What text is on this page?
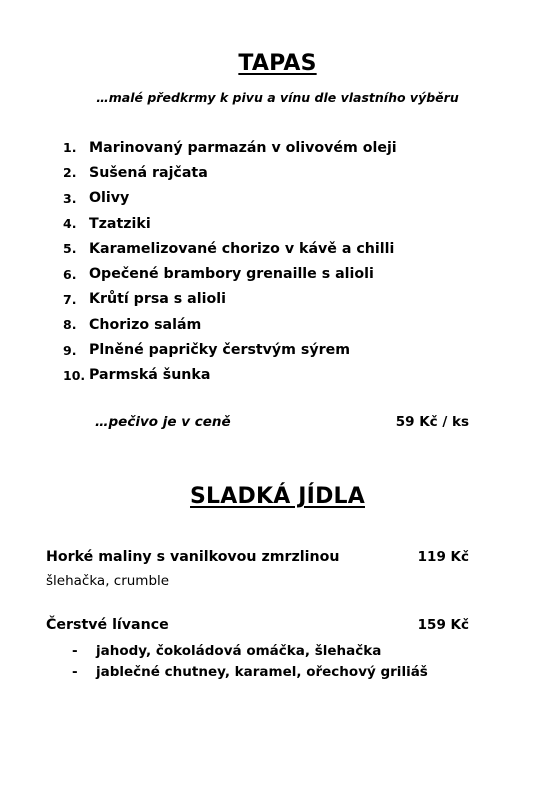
TAPAS
…malé předkrmy k pivu a vínu dle vlastního výběru
1. Marinovaný parmazán v olivovém oleji
2. Sušená rajčata
3. Olivy
4. Tzatziki
5. Karamelizované chorizo v kávě a chilli
6. Opečené brambory grenaille s alioli
7. Krůtí prsa s alioli
8. Chorizo salám
9. Plněné papričky čerstvým sýrem
10. Parmská šunka
…pečivo je v ceně	59 Kč / ks
SLADKÁ JÍDLA
Horké maliny s vanilkovou zmrzlinou	119 Kč
šlehačka, crumble
Čerstvé lívance	159 Kč
-	jahody, čokoládová omáčka, šlehačka
-	jablečné chutney, karamel, ořechový griliáš
